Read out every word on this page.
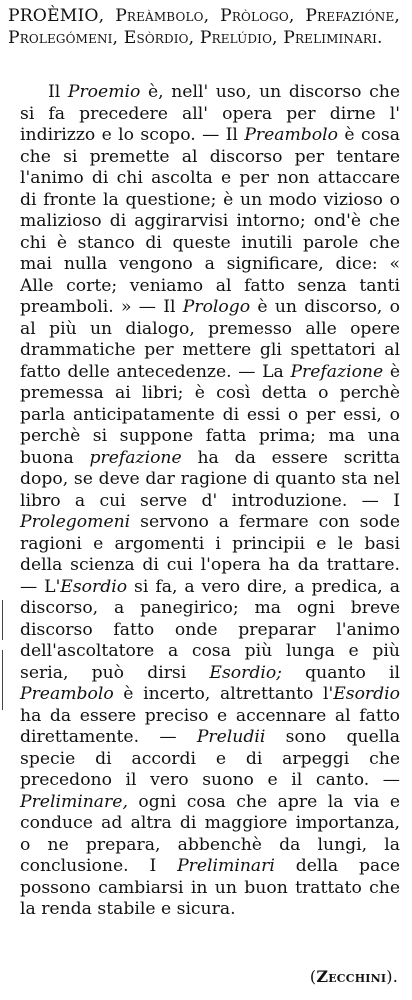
PROÈMIO, Preàmbolo, Pròlogo, Prefazióne, Prolegómeni, Esòrdio, Prelúdio, Preliminari.

Il Proemio è, nell' uso, un discorso che si fa precedere all' opera per dirne l' indirizzo e lo scopo. — Il Preambolo è cosa che si premette al discorso per tentare l'animo di chi ascolta e per non attaccare di fronte la questione; è un modo vizioso o malizioso di aggirarvisi intorno; ond'è che chi è stanco di queste inutili parole che mai nulla vengono a significare, dice: « Alle corte; veniamo al fatto senza tanti preamboli. » — Il Prologo è un discorso, o al più un dialogo, premesso alle opere drammatiche per mettere gli spettatori al fatto delle antecedenze. — La Prefazione è premessa ai libri; è così detta o perchè parla anticipatamente di essi o per essi, o perchè si suppone fatta prima; ma una buona prefazione ha da essere scritta dopo, se deve dar ragione di quanto sta nel libro a cui serve d' introduzione. — I Prolegomeni servono a fermare con sode ragioni e argomenti i principii e le basi della scienza di cui l'opera ha da trattare. — L'Esordio si fa, a vero dire, a predica, a discorso, a panegirico; ma ogni breve discorso fatto onde preparar l'animo dell'ascoltatore a cosa più lunga e più seria, può dirsi Esordio; quanto il Preambolo è incerto, altrettanto l'Esordio ha da essere preciso e accennare al fatto direttamente. — Preludii sono quella specie di accordi e di arpeggi che precedono il vero suono e il canto. — Preliminare, ogni cosa che apre la via e conduce ad altra di maggiore importanza, o ne prepara, abbenchè da lungi, la conclusione. I Preliminari della pace possono cambiarsi in un buon trattato che la renda stabile e sicura.

(Zecchini).
